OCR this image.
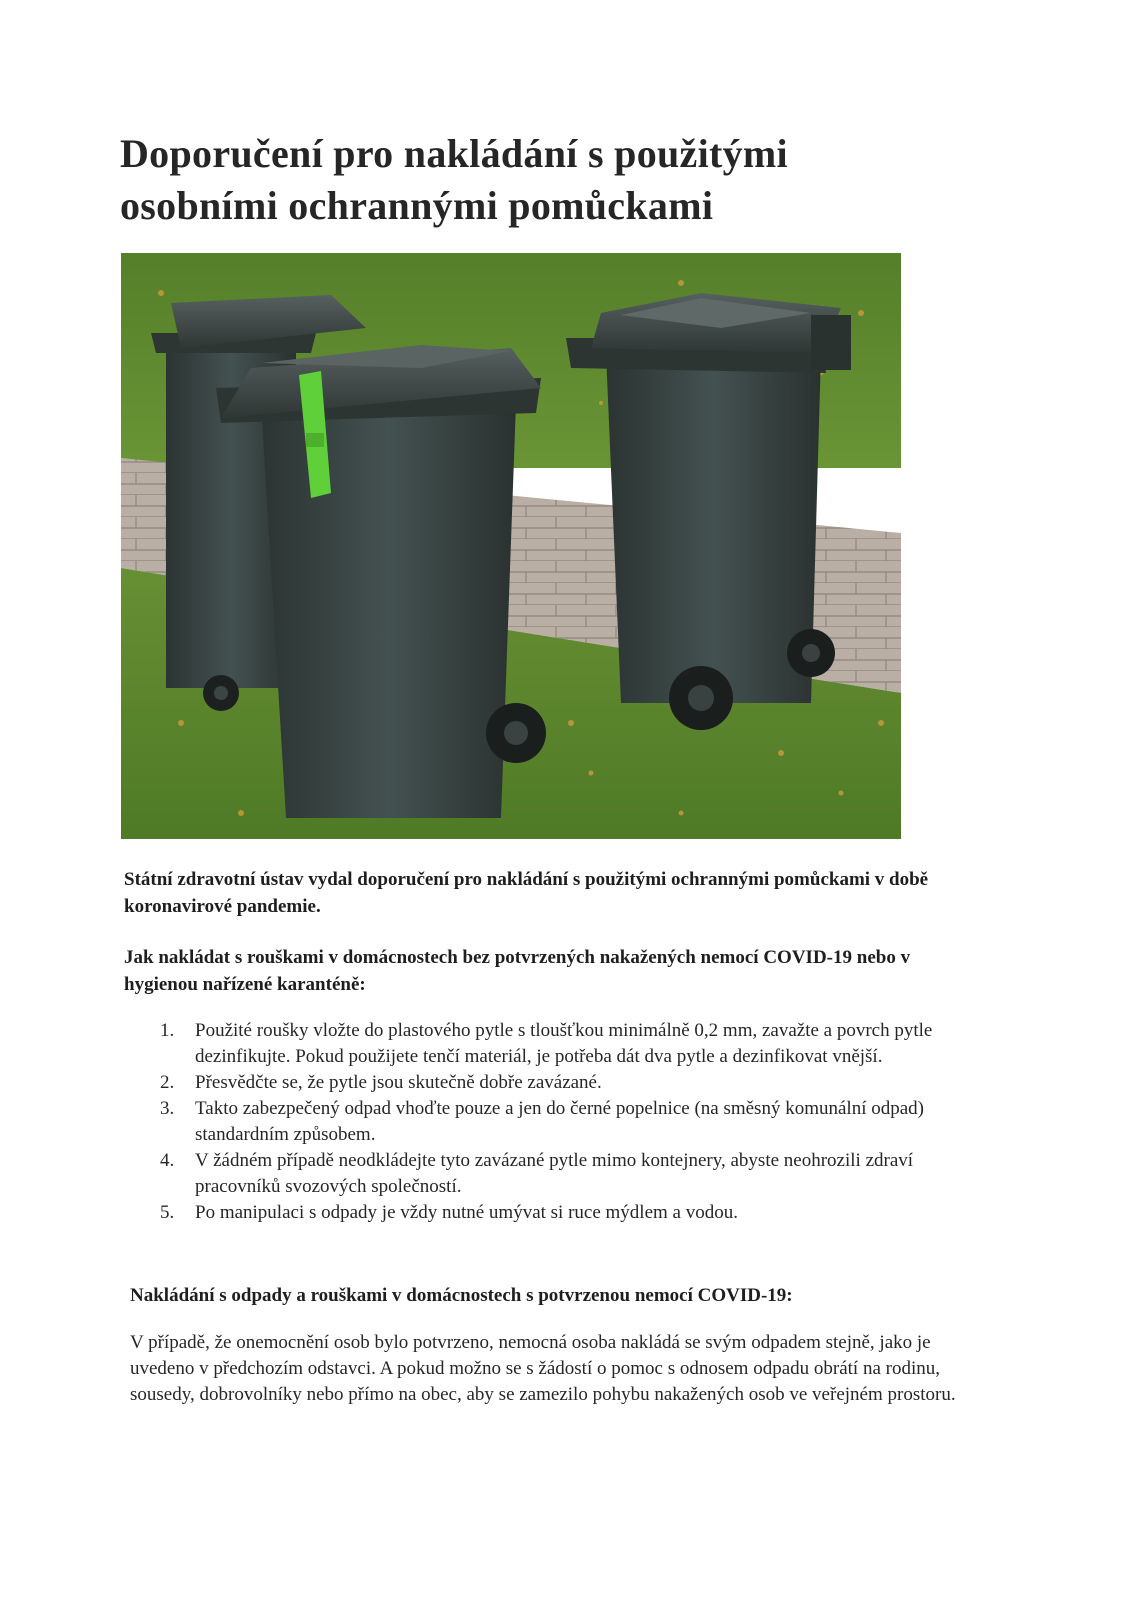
Doporučení pro nakládání s použitými
osobními ochrannými pomůckami

Státní zdravotní ústav vydal doporučení pro nakládání s použitými ochrannými pomůckami v době koronavirové pandemie.

Jak nakládat s rouškami v domácnostech bez potvrzených nakažených nemocí COVID-19 nebo v hygienou nařízené karanténě:
1. Použité roušky vložte do plastového pytle s tloušťkou minimálně 0,2 mm, zavažte a povrch pytle dezinfikujte. Pokud použijete tenčí materiál, je potřeba dát dva pytle a dezinfikovat vnější.
2. Přesvědčte se, že pytle jsou skutečně dobře zavázané.
3. Takto zabezpečený odpad vhoďte pouze a jen do černé popelnice (na směsný komunální odpad) standardním způsobem.
4. V žádném případě neodkládejte tyto zavázané pytle mimo kontejnery, abyste neohrozili zdraví pracovníků svozových společností.
5. Po manipulaci s odpady je vždy nutné umývat si ruce mýdlem a vodou.
Nakládání s odpady a rouškami v domácnostech s potvrzenou nemocí COVID-19:

V případě, že onemocnění osob bylo potvrzeno, nemocná osoba nakládá se svým odpadem stejně, jako je uvedeno v předchozím odstavci. A pokud možno se s žádostí o pomoc s odnosem odpadu obrátí na rodinu, sousedy, dobrovolníky nebo přímo na obec, aby se zamezilo pohybu nakažených osob ve veřejném prostoru.
